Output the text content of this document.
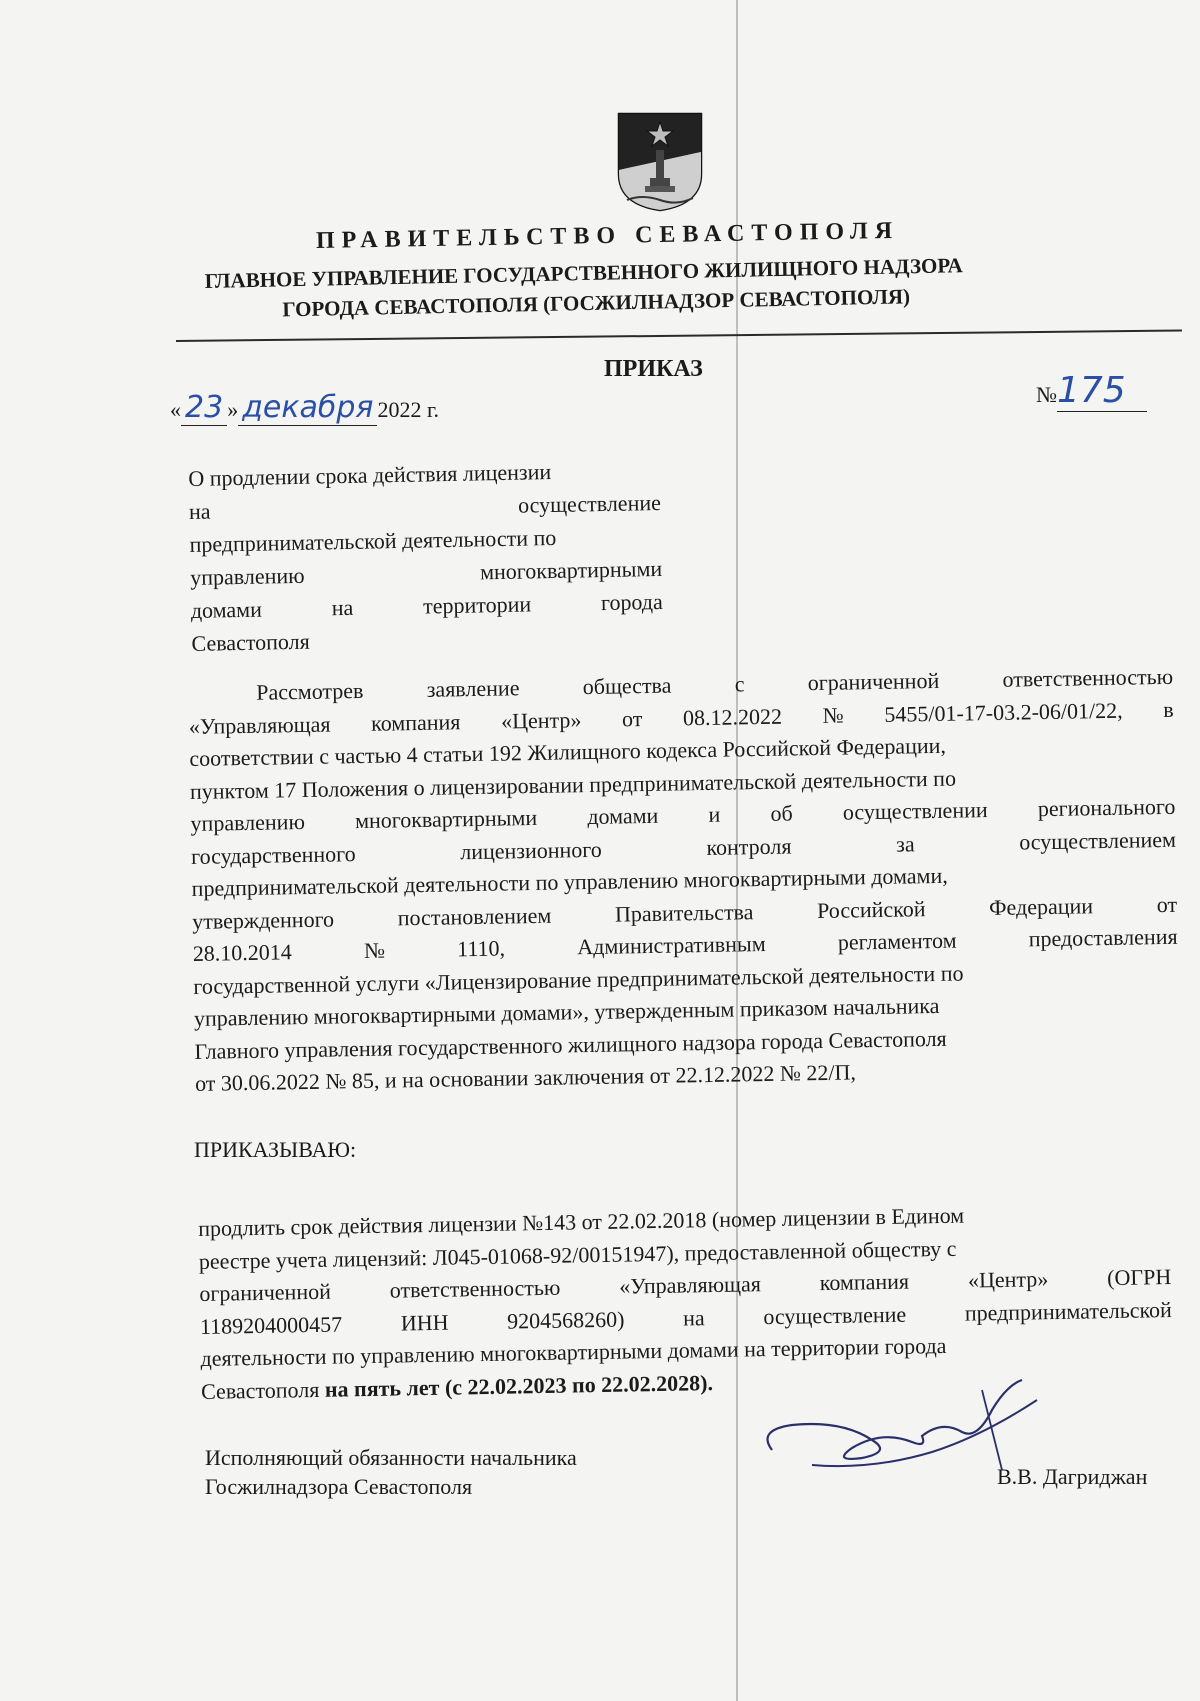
ПРАВИТЕЛЬСТВО СЕВАСТОПОЛЯ
ГЛАВНОЕ УПРАВЛЕНИЕ ГОСУДАРСТВЕННОГО ЖИЛИЩНОГО НАДЗОРА
ГОРОДА СЕВАСТОПОЛЯ (ГОСЖИЛНАДЗОР СЕВАСТОПОЛЯ)
ПРИКАЗ
« 23 » декабря 2022 г.
№175
О продлении срока действия лицензии
на	осуществление
предпринимательской деятельности по
управлению	многоквартирными
домами	на	территории	города
Севастополя
Рассмотрев	заявление	общества	с	ограниченной	ответственностью
«Управляющая компания «Центр» от 08.12.2022 № 5455/01-17-03.2-06/01/22, в
соответствии с частью 4 статьи 192 Жилищного кодекса Российской Федерации,
пунктом 17 Положения о лицензировании предпринимательской деятельности по
управлению многоквартирными домами и об осуществлении регионального
государственного	лицензионного	контроля	за	осуществлением
предпринимательской деятельности по управлению многоквартирными домами,
утвержденного	постановлением	Правительства	Российской	Федерации	от
28.10.2014	№	1110,	Административным	регламентом	предоставления
государственной услуги «Лицензирование предпринимательской деятельности по
управлению многоквартирными домами», утвержденным приказом начальника
Главного управления государственного жилищного надзора города Севастополя
от 30.06.2022 № 85, и на основании заключения от 22.12.2022 № 22/П,
ПРИКАЗЫВАЮ:
продлить срок действия лицензии №143 от 22.02.2018 (номер лицензии в Едином
реестре учета лицензий: Л045-01068-92/00151947), предоставленной обществу с
ограниченной	ответственностью	«Управляющая	компания	«Центр»	(ОГРН
1189204000457	ИНН	9204568260)	на	осуществление	предпринимательской
деятельности по управлению многоквартирными домами на территории города
Севастополя на пять лет (с 22.02.2023 по 22.02.2028).
Исполняющий обязанности начальника
Госжилнадзора Севастополя	В.В. Дагриджан
